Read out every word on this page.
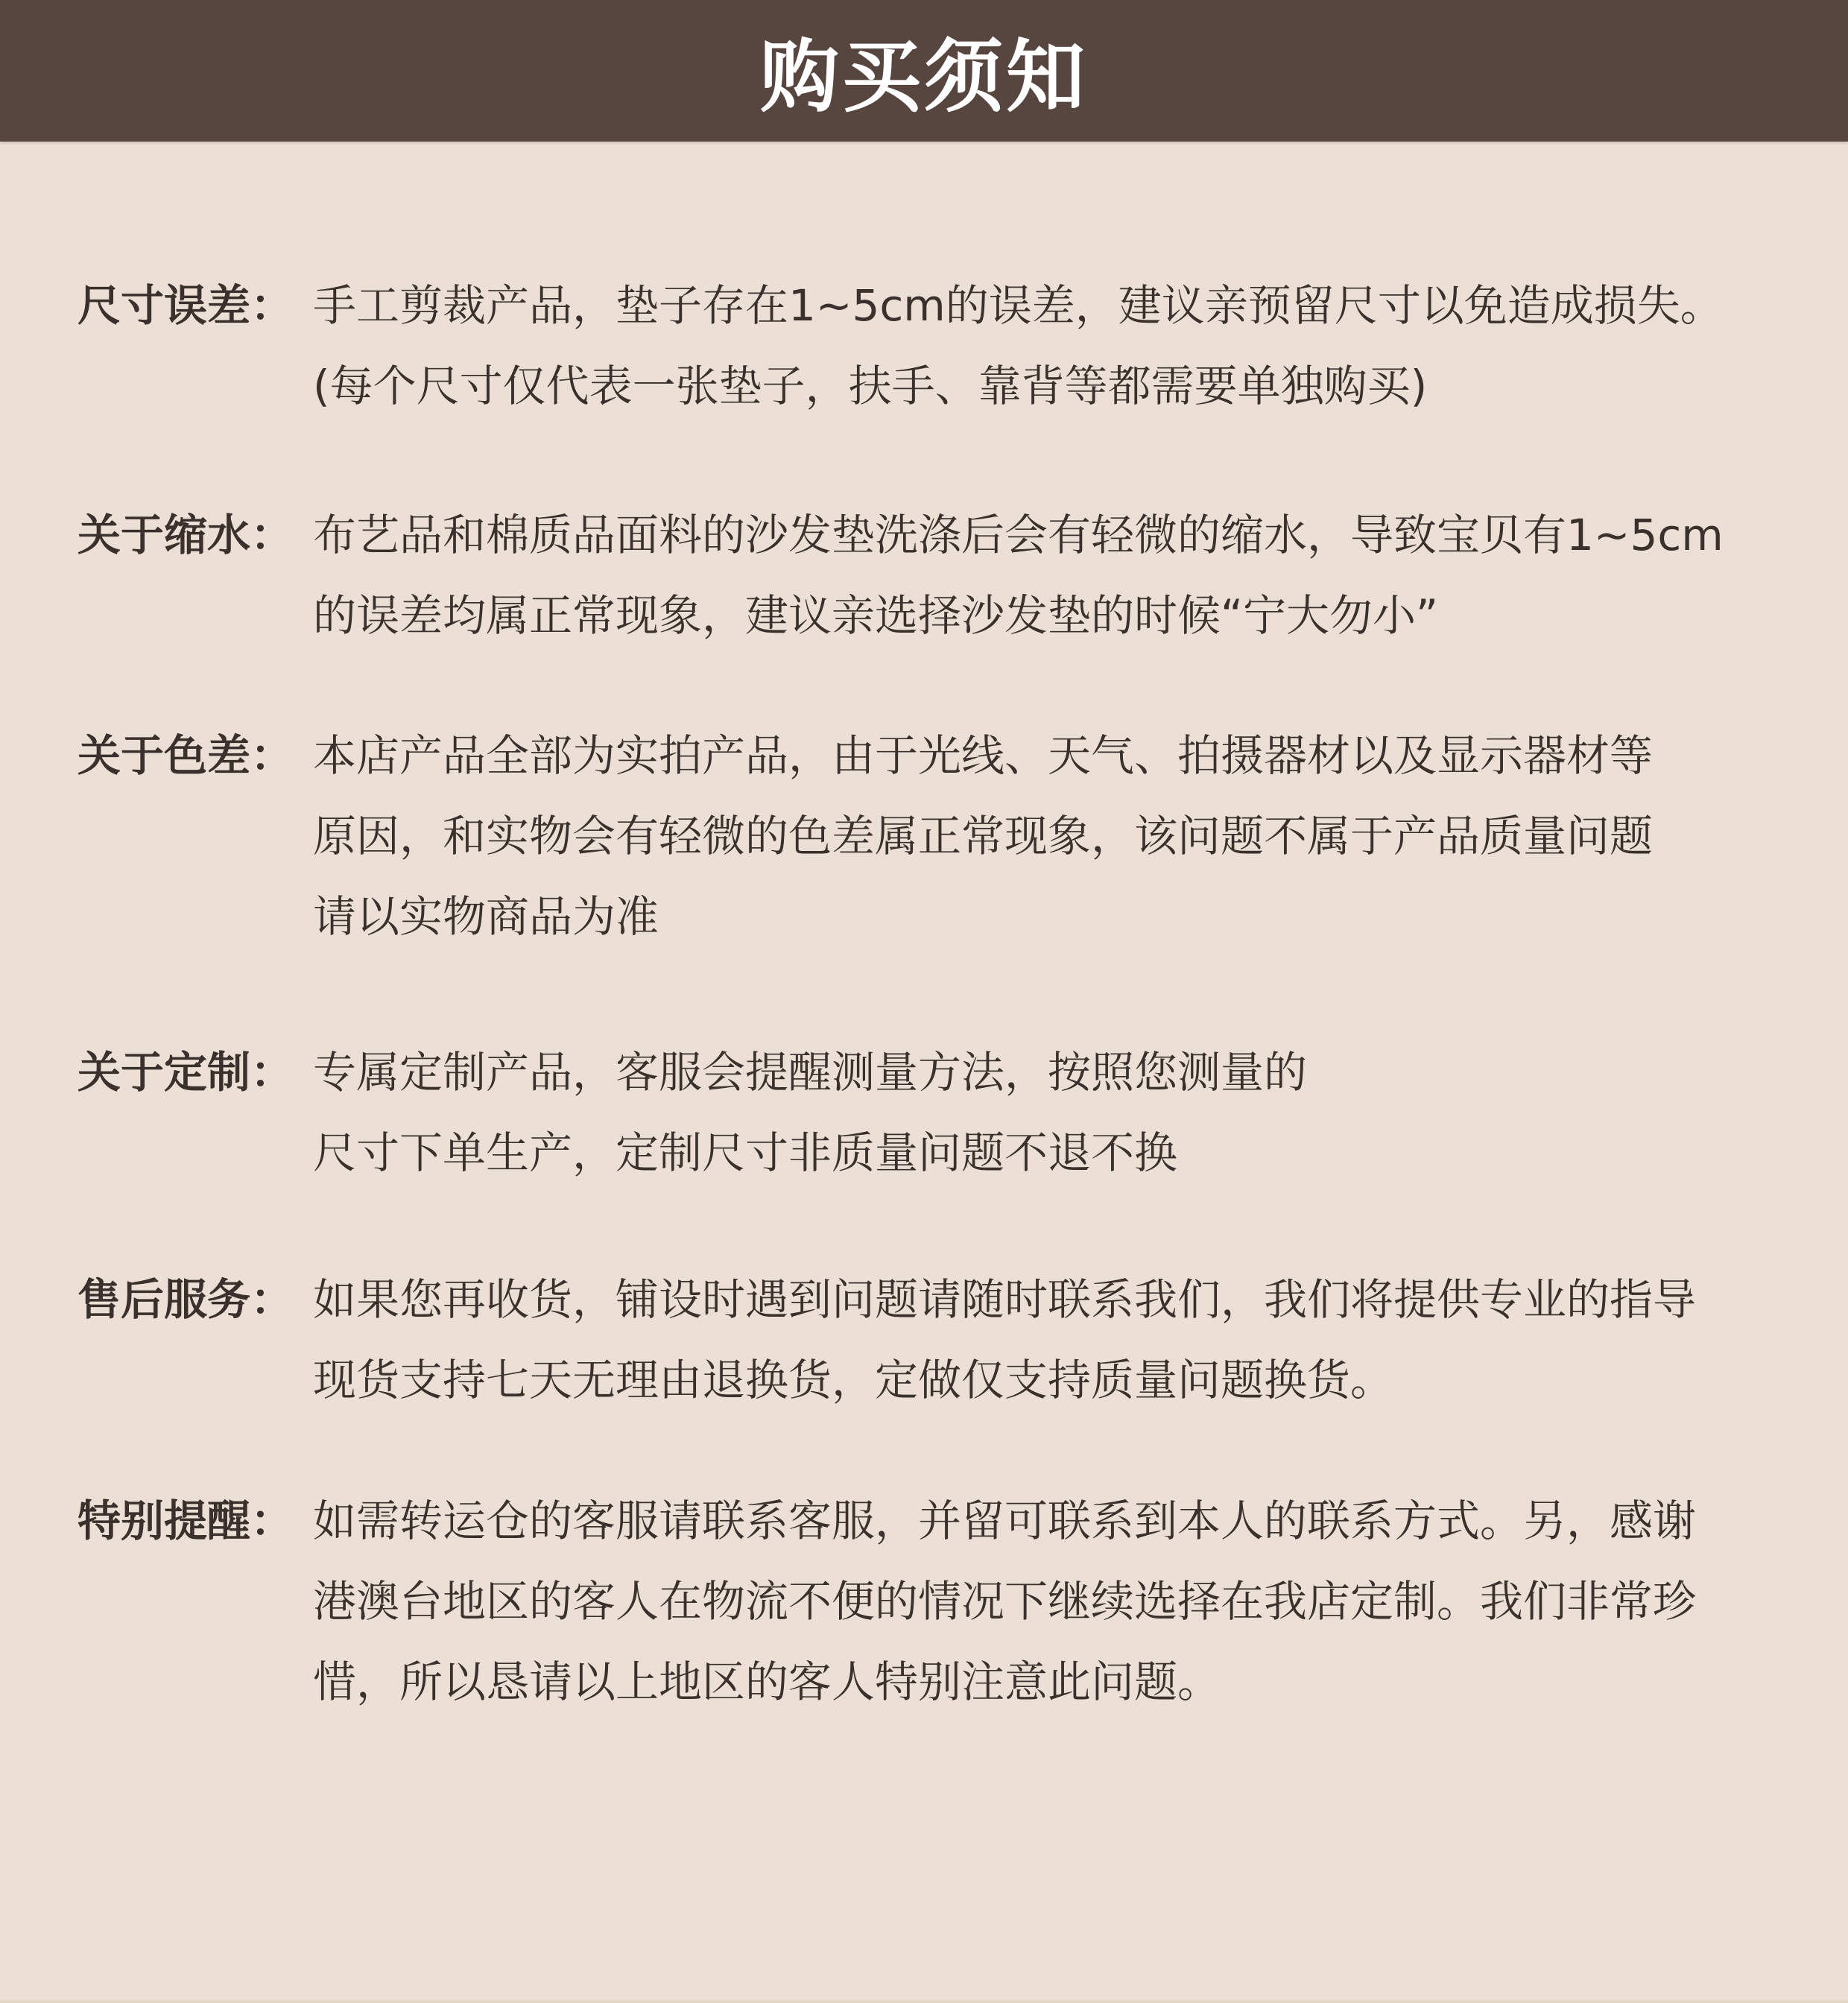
购买须知
尺寸误差： 手工剪裁产品，垫子存在1~5cm的误差，建议亲预留尺寸以免造成损失。
(每个尺寸仅代表一张垫子，扶手、靠背等都需要单独购买)
关于缩水： 布艺品和棉质品面料的沙发垫洗涤后会有轻微的缩水，导致宝贝有1~5cm
的误差均属正常现象，建议亲选择沙发垫的时候“宁大勿小”
关于色差： 本店产品全部为实拍产品，由于光线、天气、拍摄器材以及显示器材等
原因，和实物会有轻微的色差属正常现象，该问题不属于产品质量问题
请以实物商品为准
关于定制： 专属定制产品，客服会提醒测量方法，按照您测量的
尺寸下单生产，定制尺寸非质量问题不退不换
售后服务： 如果您再收货，铺设时遇到问题请随时联系我们，我们将提供专业的指导
现货支持七天无理由退换货，定做仅支持质量问题换货。
特别提醒： 如需转运仓的客服请联系客服，并留可联系到本人的联系方式。另，感谢
港澳台地区的客人在物流不便的情况下继续选择在我店定制。我们非常珍
惜，所以恳请以上地区的客人特别注意此问题。
